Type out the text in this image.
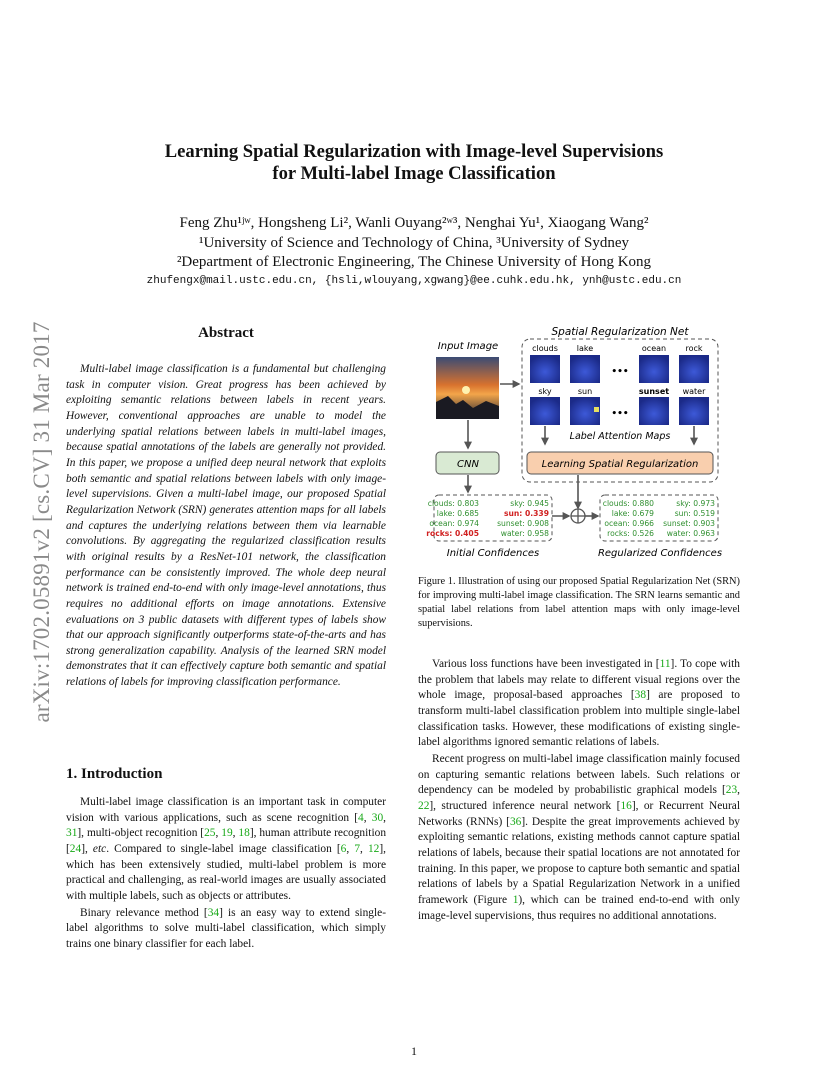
arXiv:1702.05891v2 [cs.CV] 31 Mar 2017
Learning Spatial Regularization with Image-level Supervisions
for Multi-label Image Classification
Feng Zhu¹ʲʷ, Hongsheng Li², Wanli Ouyang²ʷ³, Nenghai Yu¹, Xiaogang Wang²
¹University of Science and Technology of China, ³University of Sydney
²Department of Electronic Engineering, The Chinese University of Hong Kong
zhufengx@mail.ustc.edu.cn, {hsli,wlouyang,xgwang}@ee.cuhk.edu.hk, ynh@ustc.edu.cn
Abstract

Multi-label image classification is a fundamental but challenging task in computer vision. Great progress has been achieved by exploiting semantic relations between labels in recent years. However, conventional approaches are unable to model the underlying spatial relations between labels in multi-label images, because spatial annotations of the labels are generally not provided. In this paper, we propose a unified deep neural network that exploits both semantic and spatial relations between labels with only image-level supervisions. Given a multi-label image, our proposed Spatial Regularization Network (SRN) generates attention maps for all labels and captures the underlying relations between them via learnable convolutions. By aggregating the regularized classification results with original results by a ResNet-101 network, the classification performance can be consistently improved. The whole deep neural network is trained end-to-end with only image-level annotations, thus requires no additional efforts on image annotations. Extensive evaluations on 3 public datasets with different types of labels show that our approach significantly outperforms state-of-the-arts and has strong generalization capability. Analysis of the learned SRN model demonstrates that it can effectively capture both semantic and spatial relations of labels for improving classification performance.

1. Introduction

Multi-label image classification is an important task in computer vision with various applications, such as scene recognition [4, 30, 31], multi-object recognition [25, 19, 18], human attribute recognition [24], etc. Compared to single-label image classification [6, 7, 12], which has been extensively studied, multi-label problem is more practical and challenging, as real-world images are usually associated with multiple labels, such as objects or attributes.

Binary relevance method [34] is an easy way to extend single-label algorithms to solve multi-label classification, which simply trains one binary classifier for each label.

Various loss functions have been investigated in [11]. To cope with the problem that labels may relate to different visual regions over the whole image, proposal-based approaches [38] are proposed to transform multi-label classification problem into multiple single-label classification tasks. However, these modifications of existing single-label algorithms ignored semantic relations of labels.

Recent progress on multi-label image classification mainly focused on capturing semantic relations between labels. Such relations or dependency can be modeled by probabilistic graphical models [23, 22], structured inference neural network [16], or Recurrent Neural Networks (RNNs) [36]. Despite the great improvements achieved by exploiting semantic relations, existing methods cannot capture spatial relations of labels, because their spatial locations are not annotated for training. In this paper, we propose to capture both semantic and spatial relations of labels by a Spatial Regularization Network in a unified framework (Figure 1), which can be trained end-to-end with only image-level supervisions, thus requires no additional annotations.

Spatial Regularization Net
Input Image	clouds lake	ocean rock
•••
sky	sun	sunset water
•••
Label Attention Maps
CNN	Learning Spatial Regularization
clouds: 0.803	sky: 0.945
lake: 0.685	sun: 0.339
ocean: 0.974 sunset: 0.908
rocks: 0.405	water: 0.958
Initial Confidences
clouds: 0.880	sky: 0.973
lake: 0.679	sun: 0.519
ocean: 0.966 sunset: 0.903
rocks: 0.526 water: 0.963
Regularized Confidences
Figure 1. Illustration of using our proposed Spatial Regularization Net (SRN) for improving multi-label image classification. The SRN learns semantic and spatial label relations from label attention maps with only image-level supervisions.
1
